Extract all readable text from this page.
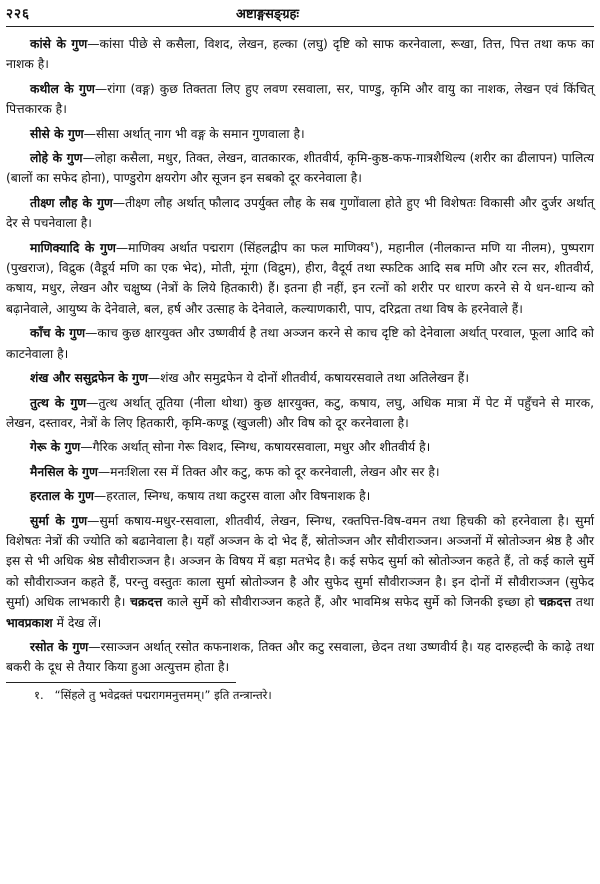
२२६	अष्टाङ्गसङ्ग्रहः

कांसे के गुण—कांसा पीछे से कसैला, विशद, लेखन, हल्का (लघु) दृष्टि को साफ करनेवाला, रूखा, तित्त, पित्त तथा कफ का नाशक है।

कथील के गुण—रांगा (वङ्ग) कुछ तिक्तता लिए हुए लवण रसवाला, सर, पाण्डु, कृमि और वायु का नाशक, लेखन एवं किंचित् पित्तकारक है।

सीसे के गुण—सीसा अर्थात् नाग भी वङ्ग के समान गुणवाला है।

लोहे के गुण—लोहा कसैला, मधुर, तिक्त, लेखन, वातकारक, शीतवीर्य, कृमि-कुष्ठ-कफ-गात्रशैथिल्य (शरीर का ढीलापन) पालित्य (बालों का सफेद होना), पाण्डुरोग क्षयरोग और सूजन इन सबको दूर करनेवाला है।

तीक्ष्ण लौह के गुण—तीक्ष्ण लौह अर्थात् फौलाद उपर्युक्त लौह के सब गुणोंवाला होते हुए भी विशेषतः विकासी और दुर्जर अर्थात् देर से पचनेवाला है।

माणिक्यादि के गुण—माणिक्य अर्थात पद्मराग (सिंहलद्वीप का फल माणिक्य$^१$), महानील (नीलकान्त मणि या नीलम), पुष्पराग (पुखराज), विद्रुक (वैडूर्य मणि का एक भेद), मोती, मूंगा (विद्रुम), हीरा, वैदूर्य तथा स्फटिक आदि सब मणि और रत्न सर, शीतवीर्य, कषाय, मधुर, लेखन और चक्षुष्य (नेत्रों के लिये हितकारी) हैं। इतना ही नहीं, इन रत्नों को शरीर पर धारण करने से ये धन-धान्य को बढ़ानेवाले, आयुष्य के देनेवाले, बल, हर्ष और उत्साह के देनेवाले, कल्याणकारी, पाप, दरिद्रता तथा विष के हरनेवाले हैं।

काँच के गुण—काच कुछ क्षारयुक्त और उष्णवीर्य है तथा अञ्जन करने से काच दृष्टि को देनेवाला अर्थात् परवाल, फूला आदि को काटनेवाला है।

शंख और ससुद्रफेन के गुण—शंख और समुद्रफेन ये दोनों शीतवीर्य, कषायरसवाले तथा अतिलेखन हैं।

तुत्थ के गुण—तुत्थ अर्थात् तूतिया (नीला थोथा) कुछ क्षारयुक्त, कटु, कषाय, लघु, अधिक मात्रा में पेट में पहुँचने से मारक, लेखन, दस्तावर, नेत्रों के लिए हितकारी, कृमि-कण्डू (खुजली) और विष को दूर करनेवाला है।

गेरू के गुण—गैरिक अर्थात् सोना गेरू विशद, स्निग्ध, कषायरसवाला, मधुर और शीतवीर्य है।

मैनसिल के गुण—मनःशिला रस में तिक्त और कटु, कफ को दूर करनेवाली, लेखन और सर है।

हरताल के गुण—हरताल, स्निग्ध, कषाय तथा कटुरस वाला और विषनाशक है।

सुर्मा के गुण—सुर्मा कषाय-मधुर-रसवाला, शीतवीर्य, लेखन, स्निग्ध, रक्तपित्त-विष-वमन तथा हिचकी को हरनेवाला है। सुर्मा विशेषतः नेत्रों की ज्योति को बढानेवाला है। यहाँ अञ्जन के दो भेद हैं, स्रोतोञ्जन और सौवीराञ्जन। अञ्जनों में स्रोतोञ्जन श्रेष्ठ है और इस से भी अधिक श्रेष्ठ सौवीराञ्जन है। अञ्जन के विषय में बड़ा मतभेद है। कई सफेद सुर्मा को स्रोतोञ्जन कहते हैं, तो कई काले सुर्मे को सौवीराञ्जन कहते हैं, परन्तु वस्तुतः काला सुर्मा स्रोतोञ्जन है और सुफेद सुर्मा सौवीराञ्जन है। इन दोनों में सौवीराञ्जन (सुफेद सुर्मा) अधिक लाभकारी है। चक्रदत्त काले सुर्मे को सौवीराञ्जन कहते हैं, और भावमिश्र सफेद सुर्मे को जिनकी इच्छा हो चक्रदत्त तथा भावप्रकाश में देख लें।

रसोत के गुण—रसाञ्जन अर्थात् रसोत कफनाशक, तिक्त और कटु रसवाला, छेदन तथा उष्णवीर्य है। यह दारुहल्दी के काढ़े तथा बकरी के दूध से तैयार किया हुआ अत्युत्तम होता है।

१. “सिंहले तु भवेद्रक्तं पद्मरागमनुत्तमम्।” इति तन्त्रान्तरे।
